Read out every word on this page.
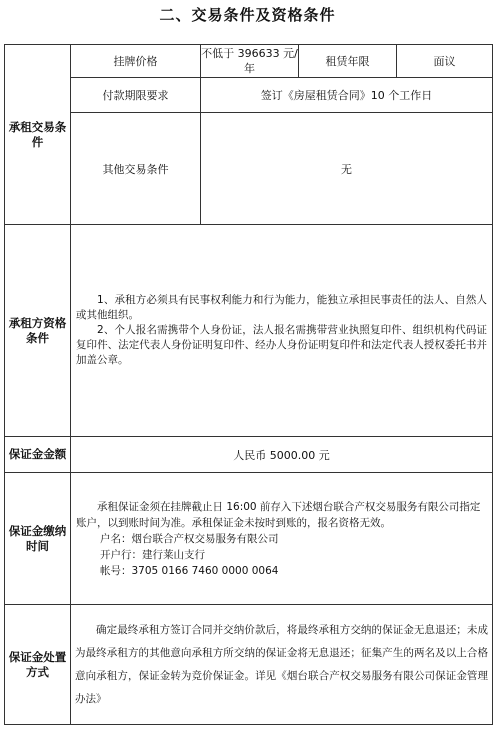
二、交易条件及资格条件
承租交易条件	挂牌价格	不低于 396633 元/年	租赁年限	面议
	付款期限要求	签订《房屋租赁合同》10 个工作日		
	其他交易条件	无		
承租方资格条件	1、承租方必须具有民事权利能力和行为能力，能独立承担民事责任的法人、自然人或其他组织。

2、个人报名需携带个人身份证，法人报名需携带营业执照复印件、组织机构代码证复印件、法定代表人身份证明复印件、经办人身份证明复印件和法定代表人授权委托书并加盖公章。			

保证金金额	人民币 5000.00 元			
保证金缴纳时间	承租保证金须在挂牌截止日 16:00 前存入下述烟台联合产权交易服务有限公司指定账户，以到账时间为准。承租保证金未按时到账的，报名资格无效。

户名：烟台联合产权交易服务有限公司

开户行：建行莱山支行

帐号：3705 0166 7460 0000 0064			

保证金处置方式	确定最终承租方签订合同并交纳价款后，将最终承租方交纳的保证金无息退还；未成为最终承租方的其他意向承租方所交纳的保证金将无息退还；征集产生的两名及以上合格意向承租方，保证金转为竞价保证金。详见《烟台联合产权交易服务有限公司保证金管理办法》			
